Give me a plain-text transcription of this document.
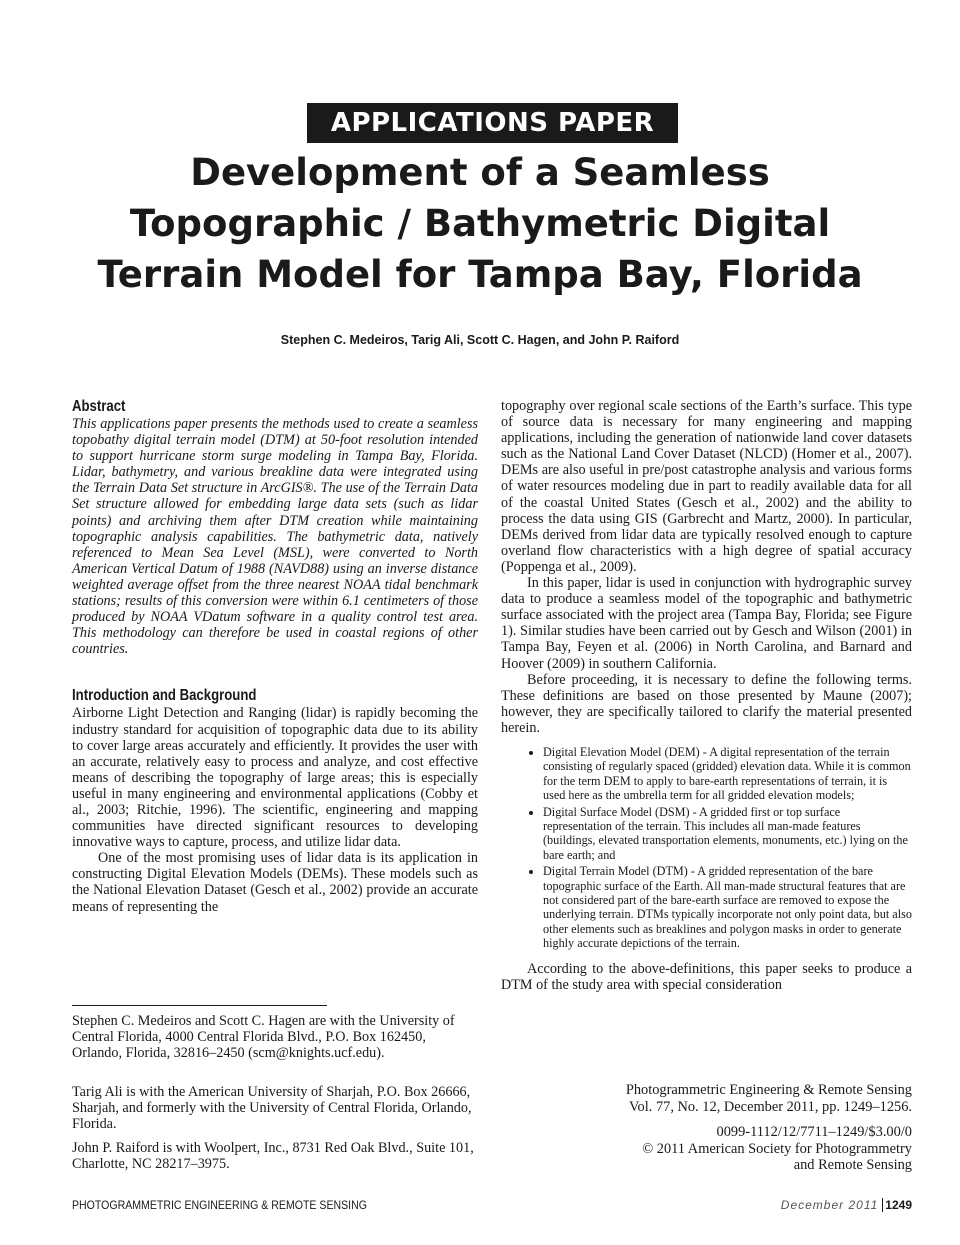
APPLICATIONS PAPER
Development of a Seamless Topographic / Bathymetric Digital Terrain Model for Tampa Bay, Florida
Stephen C. Medeiros, Tarig Ali, Scott C. Hagen, and John P. Raiford
Abstract

This applications paper presents the methods used to create a seamless topobathy digital terrain model (DTM) at 50-foot resolution intended to support hurricane storm surge modeling in Tampa Bay, Florida. Lidar, bathymetry, and various breakline data were integrated using the Terrain Data Set structure in ArcGIS®. The use of the Terrain Data Set structure allowed for embedding large data sets (such as lidar points) and archiving them after DTM creation while maintaining topographic analysis capabilities. The bathymetric data, natively referenced to Mean Sea Level (MSL), were converted to North American Vertical Datum of 1988 (NAVD88) using an inverse distance weighted average offset from the three nearest NOAA tidal benchmark stations; results of this conversion were within 6.1 centimeters of those produced by NOAA VDatum software in a quality control test area. This methodology can therefore be used in coastal regions of other countries.

Introduction and Background

Airborne Light Detection and Ranging (lidar) is rapidly becoming the industry standard for acquisition of topographic data due to its ability to cover large areas accurately and efficiently. It provides the user with an accurate, relatively easy to process and analyze, and cost effective means of describing the topography of large areas; this is especially useful in many engineering and environmental applications (Cobby et al., 2003; Ritchie, 1996). The scientific, engineering and mapping communities have directed significant resources to developing innovative ways to capture, process, and utilize lidar data.

One of the most promising uses of lidar data is its application in constructing Digital Elevation Models (DEMs). These models such as the National Elevation Dataset (Gesch et al., 2002) provide an accurate means of representing the

topography over regional scale sections of the Earth’s surface. This type of source data is necessary for many engineering and mapping applications, including the generation of nationwide land cover datasets such as the National Land Cover Dataset (NLCD) (Homer et al., 2007). DEMs are also useful in pre/post catastrophe analysis and various forms of water resources modeling due in part to readily available data for all of the coastal United States (Gesch et al., 2002) and the ability to process the data using GIS (Garbrecht and Martz, 2000). In particular, DEMs derived from lidar data are typically resolved enough to capture overland flow characteristics with a high degree of spatial accuracy (Poppenga et al., 2009).

In this paper, lidar is used in conjunction with hydrographic survey data to produce a seamless model of the topographic and bathymetric surface associated with the project area (Tampa Bay, Florida; see Figure 1). Similar studies have been carried out by Gesch and Wilson (2001) in Tampa Bay, Feyen et al. (2006) in North Carolina, and Barnard and Hoover (2009) in southern California.

Before proceeding, it is necessary to define the following terms. These definitions are based on those presented by Maune (2007); however, they are specifically tailored to clarify the material presented herein.

• Digital Elevation Model (DEM) - A digital representation of the terrain consisting of regularly spaced (gridded) elevation data. While it is common for the term DEM to apply to bare-earth representations of terrain, it is used here as the umbrella term for all gridded elevation models;
• Digital Surface Model (DSM) - A gridded first or top surface representation of the terrain. This includes all man-made features (buildings, elevated transportation elements, monuments, etc.) lying on the bare earth; and
• Digital Terrain Model (DTM) - A gridded representation of the bare topographic surface of the Earth. All man-made structural features that are not considered part of the bare-earth surface are removed to expose the underlying terrain. DTMs typically incorporate not only point data, but also other elements such as breaklines and polygon masks in order to generate highly accurate depictions of the terrain.

According to the above-definitions, this paper seeks to produce a DTM of the study area with special consideration

Stephen C. Medeiros and Scott C. Hagen are with the University of Central Florida, 4000 Central Florida Blvd., P.O. Box 162450, Orlando, Florida, 32816–2450 (scm@knights.ucf.edu).

Tarig Ali is with the American University of Sharjah, P.O. Box 26666, Sharjah, and formerly with the University of Central Florida, Orlando, Florida.

John P. Raiford is with Woolpert, Inc., 8731 Red Oak Blvd., Suite 101, Charlotte, NC 28217–3975.

Photogrammetric Engineering & Remote Sensing

Vol. 77, No. 12, December 2011, pp. 1249–1256.

0099-1112/12/7711–1249/$3.00/0

© 2011 American Society for Photogrammetry

and Remote Sensing

PHOTOGRAMMETRIC ENGINEERING & REMOTE SENSING	December 2011 1249
